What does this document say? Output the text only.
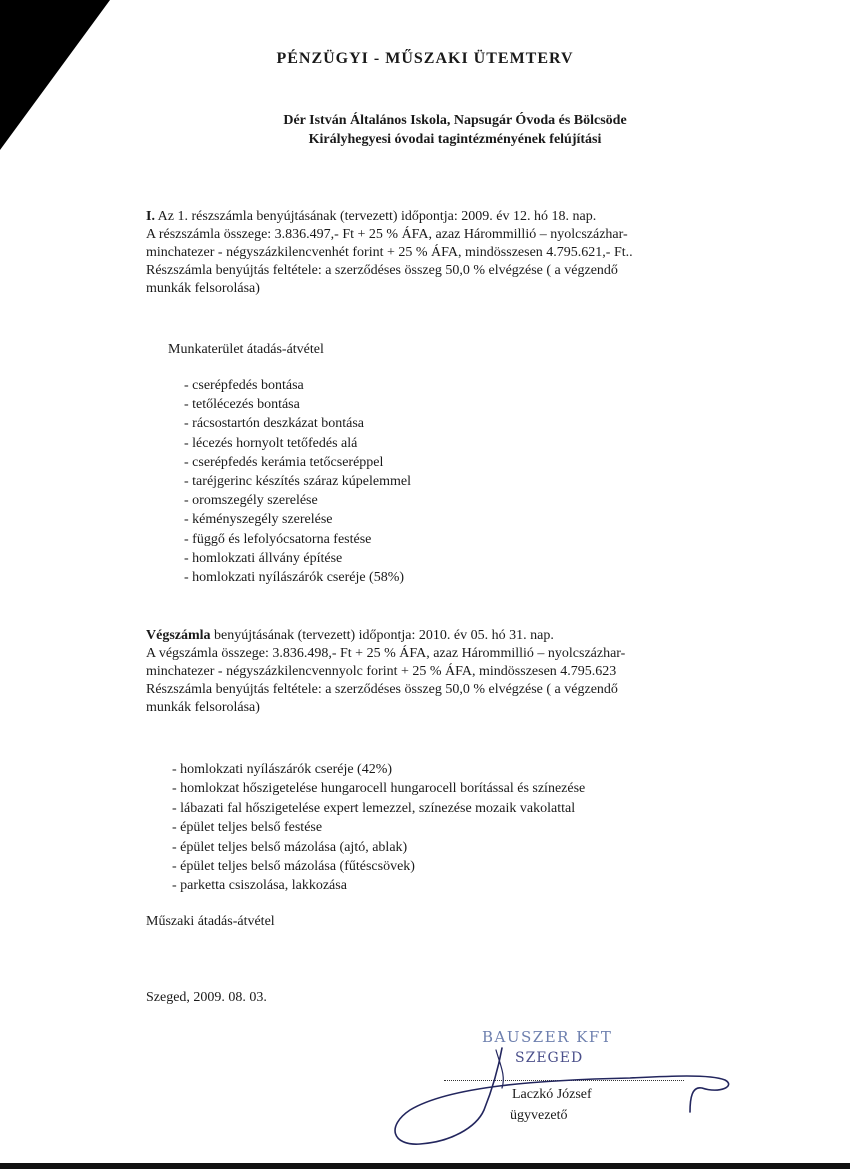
PÉNZÜGYI - MŰSZAKI ÜTEMTERV
Dér István Általános Iskola, Napsugár Óvoda és Bölcsöde
Királyhegyesi óvodai tagintézményének felújítási
I. Az 1. részszámla benyújtásának (tervezett) időpontja: 2009. év 12. hó 18. nap.
A részszámla összege: 3.836.497,- Ft + 25 % ÁFA, azaz Hárommillió – nyolcszázhar-
minchatezer - négyszázkilencvenhét forint + 25 % ÁFA, mindösszesen 4.795.621,- Ft..
Részszámla benyújtás feltétele: a szerződéses összeg 50,0 % elvégzése ( a végzendő
munkák felsorolása)
Munkaterület átadás-átvétel
- cserépfedés bontása
- tetőlécezés bontása
- rácsostartón deszkázat bontása
- lécezés hornyolt tetőfedés alá
- cserépfedés kerámia tetőcseréppel
- taréjgerinc készítés száraz kúpelemmel
- oromszegély szerelése
- kéményszegély szerelése
- függő és lefolyócsatorna festése
- homlokzati állvány építése
- homlokzati nyílászárók cseréje (58%)
Végszámla benyújtásának (tervezett) időpontja: 2010. év 05. hó 31. nap.
A végszámla összege: 3.836.498,- Ft + 25 % ÁFA, azaz Hárommillió – nyolcszázhar-
minchatezer - négyszázkilencvennyolc forint + 25 % ÁFA, mindösszesen 4.795.623
Részszámla benyújtás feltétele: a szerződéses összeg 50,0 % elvégzése ( a végzendő
munkák felsorolása)
- homlokzati nyílászárók cseréje (42%)
- homlokzat hőszigetelése hungarocell hungarocell borítással és színezése
- lábazati fal hőszigetelése expert lemezzel, színezése mozaik vakolattal
- épület teljes belső festése
- épület teljes belső mázolása (ajtó, ablak)
- épület teljes belső mázolása (fűtéscsövek)
- parketta csiszolása, lakkozása
Műszaki átadás-átvétel
Szeged, 2009. 08. 03.
BAUSZER KFT
SZEGED
Laczkó József
ügyvezető
